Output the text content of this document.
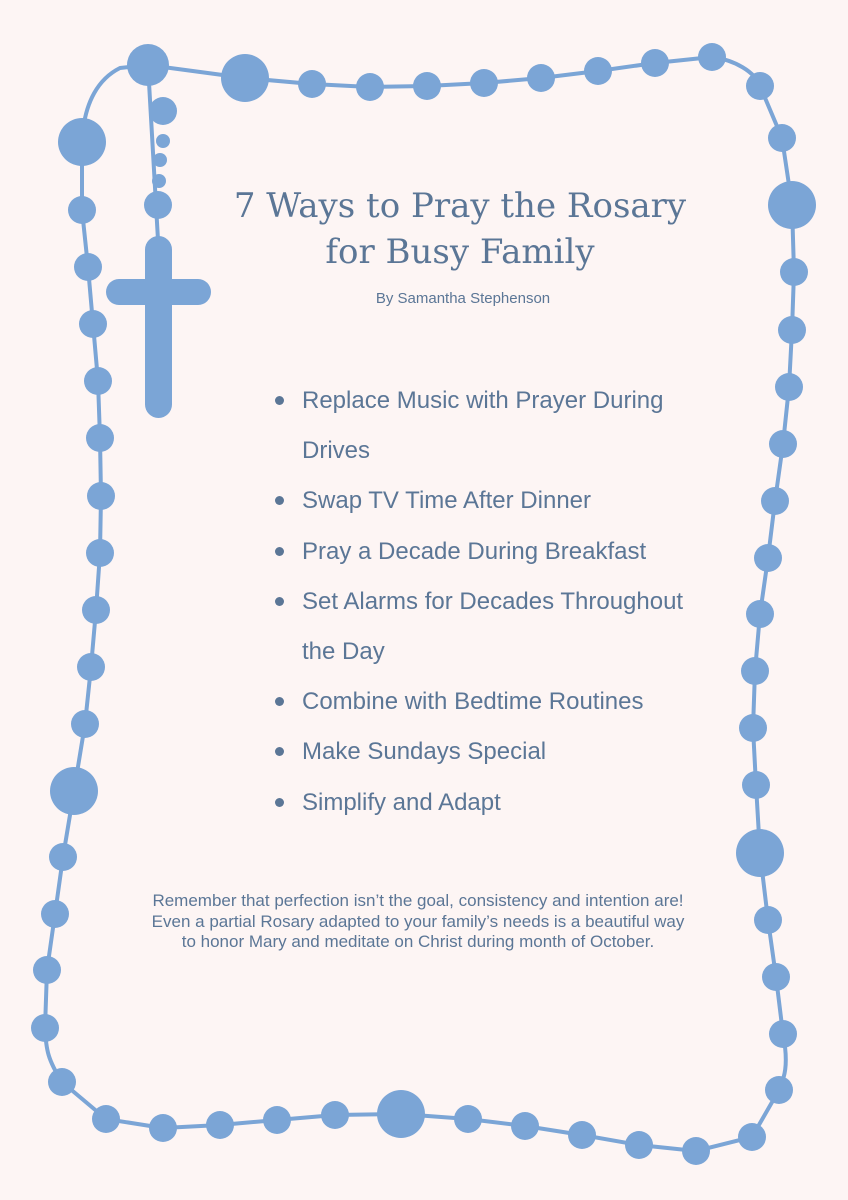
7 Ways to Pray the Rosary
for Busy Family
By Samantha Stephenson
Replace Music with Prayer During Drives
Swap TV Time After Dinner
Pray a Decade During Breakfast
Set Alarms for Decades Throughout the Day
Combine with Bedtime Routines
Make Sundays Special
Simplify and Adapt

Remember that perfection isn’t the goal, consistency and intention are! Even a partial Rosary adapted to your family’s needs is a beautiful way to honor Mary and meditate on Christ during month of October.
